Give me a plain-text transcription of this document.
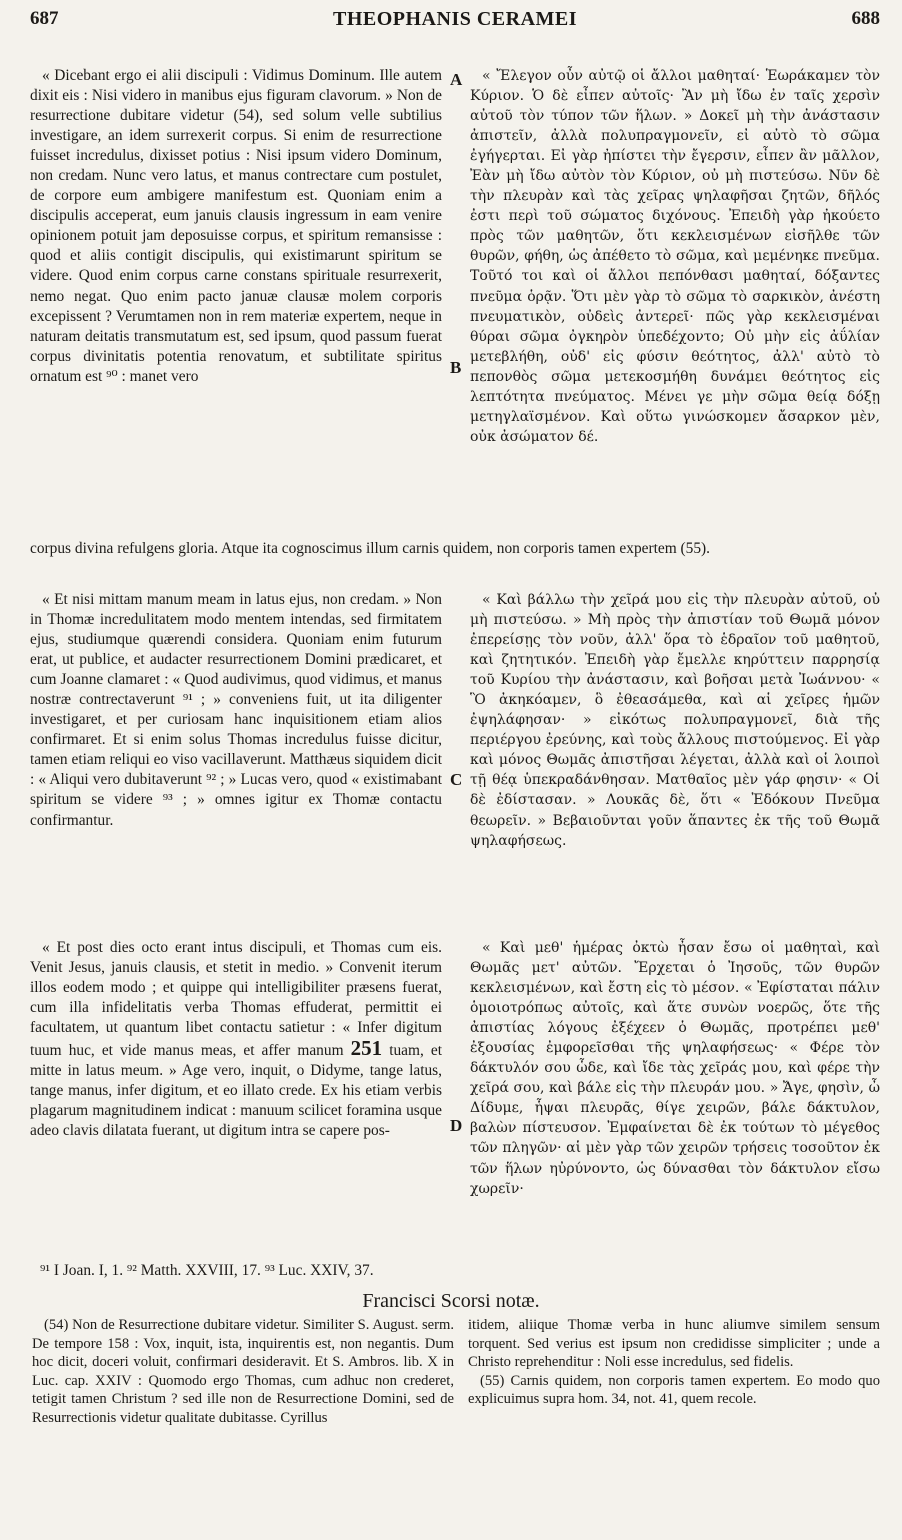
687	THEOPHANIS CERAMEI	688
A
B
C
D

« Dicebant ergo ei alii discipuli : Vidimus Dominum. Ille autem dixit eis : Nisi videro in manibus ejus figuram clavorum. » Non de resurrectione dubitare videtur (54), sed solum velle subtilius investigare, an idem surrexerit corpus. Si enim de resurrectione fuisset incredulus, dixisset potius : Nisi ipsum videro Dominum, non credam. Nunc vero latus, et manus contrectare cum postulet, de corpore eum ambigere manifestum est. Quoniam enim a discipulis acceperat, eum januis clausis ingressum in eam venire opinionem potuit jam deposuisse corpus, et spiritum remansisse : quod et aliis contigit discipulis, qui existimarunt spiritum se videre. Quod enim corpus carne constans spirituale resurrexerit, nemo negat. Quo enim pacto januæ clausæ molem corporis excepissent ? Verumtamen non in rem materiæ expertem, neque in naturam deitatis transmutatum est, sed ipsum, quod passum fuerat corpus divinitatis potentia renovatum, et subtilitate spiritus ornatum est ⁹⁰ : manet vero

« Ἔλεγον οὖν αὐτῷ οἱ ἄλλοι μαθηταί· Ἑωράκαμεν τὸν Κύριον. Ὁ δὲ εἶπεν αὐτοῖς· Ἂν μὴ ἴδω ἐν ταῖς χερσὶν αὐτοῦ τὸν τύπον τῶν ἥλων. » Δοκεῖ μὴ τὴν ἀνάστασιν ἀπιστεῖν, ἀλλὰ πολυπραγμονεῖν, εἰ αὐτὸ τὸ σῶμα ἐγήγερται. Εἰ γὰρ ἠπίστει τὴν ἔγερσιν, εἶπεν ἂν μᾶλλον, Ἐὰν μὴ ἴδω αὐτὸν τὸν Κύριον, οὐ μὴ πιστεύσω. Νῦν δὲ τὴν πλευρὰν καὶ τὰς χεῖρας ψηλαφῆσαι ζητῶν, δῆλός ἐστι περὶ τοῦ σώματος διχόνους. Ἐπειδὴ γὰρ ἠκούετο πρὸς τῶν μαθητῶν, ὅτι κεκλεισμένων εἰσῆλθε τῶν θυρῶν, φήθη, ὡς ἀπέθετο τὸ σῶμα, καὶ μεμένηκε πνεῦμα. Τοῦτό τοι καὶ οἱ ἄλλοι πεπόνθασι μαθηταί, δόξαντες πνεῦμα ὁρᾷν. Ὅτι μὲν γὰρ τὸ σῶμα τὸ σαρκικὸν, ἀνέστη πνευματικὸν, οὐδεὶς ἀντερεῖ· πῶς γὰρ κεκλεισμέναι θύραι σῶμα ὀγκηρὸν ὑπεδέχοντο; Οὐ μὴν εἰς ἀΰλίαν μετεβλήθη, οὐδ' εἰς φύσιν θεότητος, ἀλλ' αὐτὸ τὸ πεπονθὸς σῶμα μετεκοσμήθη δυνάμει θεότητος εἰς λεπτότητα πνεύματος. Μένει γε μὴν σῶμα θείᾳ δόξῃ μετηγλαϊσμένον. Καὶ οὕτω γινώσκομεν ἄσαρκον μὲν, οὐκ ἀσώματον δέ.

corpus divina refulgens gloria. Atque ita cognoscimus illum carnis quidem, non corporis tamen expertem (55).

« Et nisi mittam manum meam in latus ejus, non credam. » Non in Thomæ incredulitatem modo mentem intendas, sed firmitatem ejus, studiumque quærendi considera. Quoniam enim futurum erat, ut publice, et audacter resurrectionem Domini prædicaret, et cum Joanne clamaret : « Quod audivimus, quod vidimus, et manus nostræ contrectaverunt ⁹¹ ; » conveniens fuit, ut ita diligenter investigaret, et per curiosam hanc inquisitionem etiam alios confirmaret. Et si enim solus Thomas incredulus fuisse dicitur, tamen etiam reliqui eo viso vacillaverunt. Matthæus siquidem dicit : « Aliqui vero dubitaverunt ⁹² ; » Lucas vero, quod « existimabant spiritum se videre ⁹³ ; » omnes igitur ex Thomæ contactu confirmantur.

« Καὶ βάλλω τὴν χεῖρά μου εἰς τὴν πλευρὰν αὐτοῦ, οὐ μὴ πιστεύσω. » Μὴ πρὸς τὴν ἀπιστίαν τοῦ Θωμᾶ μόνον ἐπερείσῃς τὸν νοῦν, ἀλλ' ὅρα τὸ ἑδραῖον τοῦ μαθητοῦ, καὶ ζητητικόν. Ἐπειδὴ γὰρ ἔμελλε κηρύττειν παρρησίᾳ τοῦ Κυρίου τὴν ἀνάστασιν, καὶ βοῆσαι μετὰ Ἰωάννου· « Ὃ ἀκηκόαμεν, ὃ ἐθεασάμεθα, καὶ αἱ χεῖρες ἡμῶν ἐψηλάφησαν· » εἰκότως πολυπραγμονεῖ, διὰ τῆς περιέργου ἐρεύνης, καὶ τοὺς ἄλλους πιστούμενος. Εἰ γὰρ καὶ μόνος Θωμᾶς ἀπιστῆσαι λέγεται, ἀλλὰ καὶ οἱ λοιποὶ τῇ θέᾳ ὑπεκραδάνθησαν. Ματθαῖος μὲν γάρ φησιν· « Οἱ δὲ ἐδίστασαν. » Λουκᾶς δὲ, ὅτι « Ἐδόκουν Πνεῦμα θεωρεῖν. » Βεβαιοῦνται γοῦν ἅπαντες ἐκ τῆς τοῦ Θωμᾶ ψηλαφήσεως.

« Et post dies octo erant intus discipuli, et Thomas cum eis. Venit Jesus, januis clausis, et stetit in medio. » Convenit iterum illos eodem modo ; et quippe qui intelligibiliter præsens fuerat, cum illa infidelitatis verba Thomas effuderat, permittit ei facultatem, ut quantum libet contactu satietur : « Infer digitum tuum huc, et vide manus meas, et affer manum 251 tuam, et mitte in latus meum. » Age vero, inquit, o Didyme, tange latus, tange manus, infer digitum, et eo illato crede. Ex his etiam verbis plagarum magnitudinem indicat : manuum scilicet foramina usque adeo clavis dilatata fuerant, ut digitum intra se capere pos-

« Καὶ μεθ' ἡμέρας ὀκτὼ ἦσαν ἔσω οἱ μαθηταὶ, καὶ Θωμᾶς μετ' αὐτῶν. Ἔρχεται ὁ Ἰησοῦς, τῶν θυρῶν κεκλεισμένων, καὶ ἔστη εἰς τὸ μέσον. « Ἐφίσταται πάλιν ὁμοιοτρόπως αὐτοῖς, καὶ ἅτε συνὼν νοερῶς, ὅτε τῆς ἀπιστίας λόγους ἐξέχεεν ὁ Θωμᾶς, προτρέπει μεθ' ἐξουσίας ἐμφορεῖσθαι τῆς ψηλαφήσεως· « Φέρε τὸν δάκτυλόν σου ὧδε, καὶ ἴδε τὰς χεῖράς μου, καὶ φέρε τὴν χεῖρά σου, καὶ βάλε εἰς τὴν πλευράν μου. » Ἄγε, φησὶν, ὦ Δίδυμε, ἧψαι πλευρᾶς, θίγε χειρῶν, βάλε δάκτυλον, βαλὼν πίστευσον. Ἐμφαίνεται δὲ ἐκ τούτων τὸ μέγεθος τῶν πληγῶν· αἱ μὲν γὰρ τῶν χειρῶν τρήσεις τοσοῦτον ἐκ τῶν ἥλων ηὐρύνοντο, ὡς δύνασθαι τὸν δάκτυλον εἴσω χωρεῖν·

⁹¹ I Joan. I, 1. ⁹² Matth. XXVIII, 17. ⁹³ Luc. XXIV, 37.
Francisci Scorsi notæ.

(54) Non de Resurrectione dubitare videtur. Similiter S. August. serm. De tempore 158 : Vox, inquit, ista, inquirentis est, non negantis. Dum hoc dicit, doceri voluit, confirmari desideravit. Et S. Ambros. lib. X in Luc. cap. XXIV : Quomodo ergo Thomas, cum adhuc non crederet, tetigit tamen Christum ? sed ille non de Resurrectione Domini, sed de Resurrectionis videtur qualitate dubitasse. Cyrillus

itidem, aliique Thomæ verba in hunc aliumve similem sensum torquent. Sed verius est ipsum non credidisse simpliciter ; unde a Christo reprehenditur : Noli esse incredulus, sed fidelis.

(55) Carnis quidem, non corporis tamen expertem. Eo modo quo explicuimus supra hom. 34, not. 41, quem recole.
